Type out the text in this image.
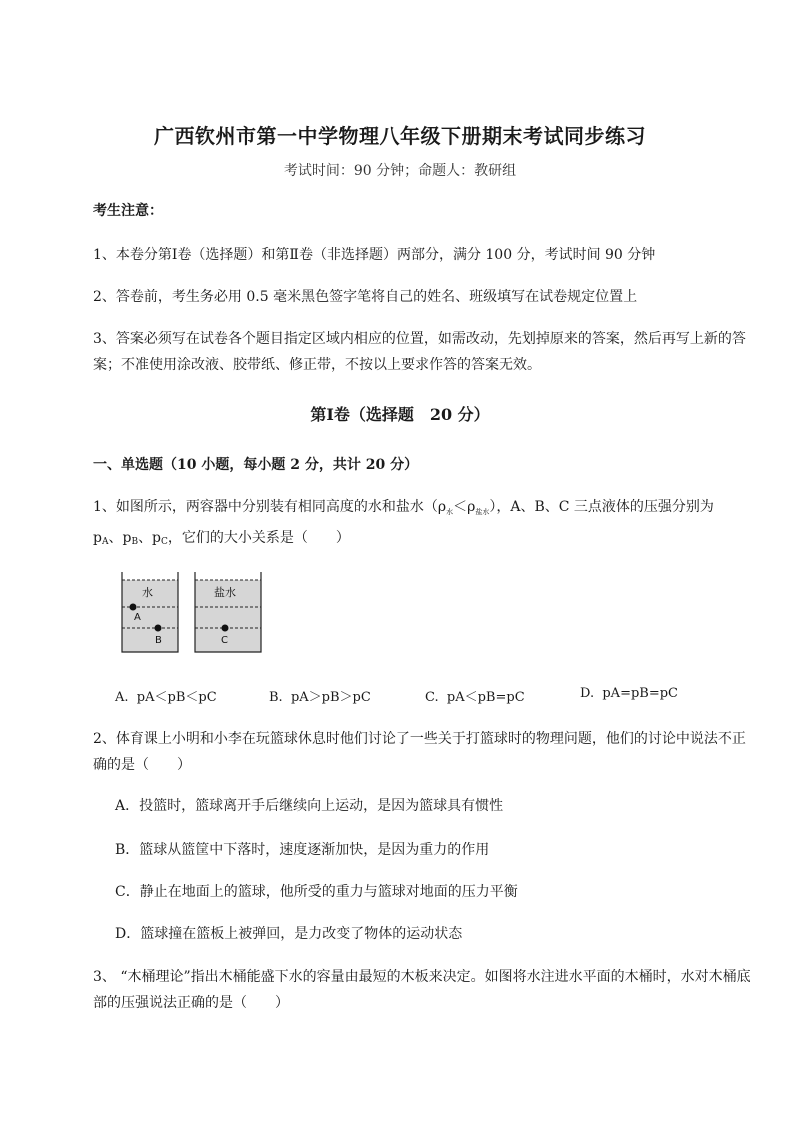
广西钦州市第一中学物理八年级下册期末考试同步练习
考试时间：90 分钟；命题人：教研组
考生注意：
1、本卷分第Ⅰ卷（选择题）和第Ⅱ卷（非选择题）两部分，满分 100 分，考试时间 90 分钟
2、答卷前，考生务必用 0.5 毫米黑色签字笔将自己的姓名、班级填写在试卷规定位置上
3、答案必须写在试卷各个题目指定区域内相应的位置，如需改动，先划掉原来的答案，然后再写上新的答案；不准使用涂改液、胶带纸、修正带，不按以上要求作答的答案无效。
第Ⅰ卷（选择题　20 分）
一、单选题（10 小题，每小题 2 分，共计 20 分）
1、如图所示，两容器中分别装有相同高度的水和盐水$(\rho_水<\rho_{盐水})$，A、B、C 三点液体的压强分别为
$p_A$、$p_B$、$p_C$，它们的大小关系是（　　）
水	盐水
A
B	C
A. pA＜pB＜pC	B. pA＞pB＞pC	C. pA＜pB=pC	D. pA=pB=pC
2、体育课上小明和小李在玩篮球休息时他们讨论了一些关于打篮球时的物理问题，他们的讨论中说法不正确的是（　　）
A．投篮时，篮球离开手后继续向上运动，是因为篮球具有惯性
B．篮球从篮筐中下落时，速度逐渐加快，是因为重力的作用
C．静止在地面上的篮球，他所受的重力与篮球对地面的压力平衡
D．篮球撞在篮板上被弹回，是力改变了物体的运动状态
3、 “木桶理论”指出木桶能盛下水的容量由最短的木板来决定。如图将水注进水平面的木桶时，水对木桶底部的压强说法正确的是（　　）
